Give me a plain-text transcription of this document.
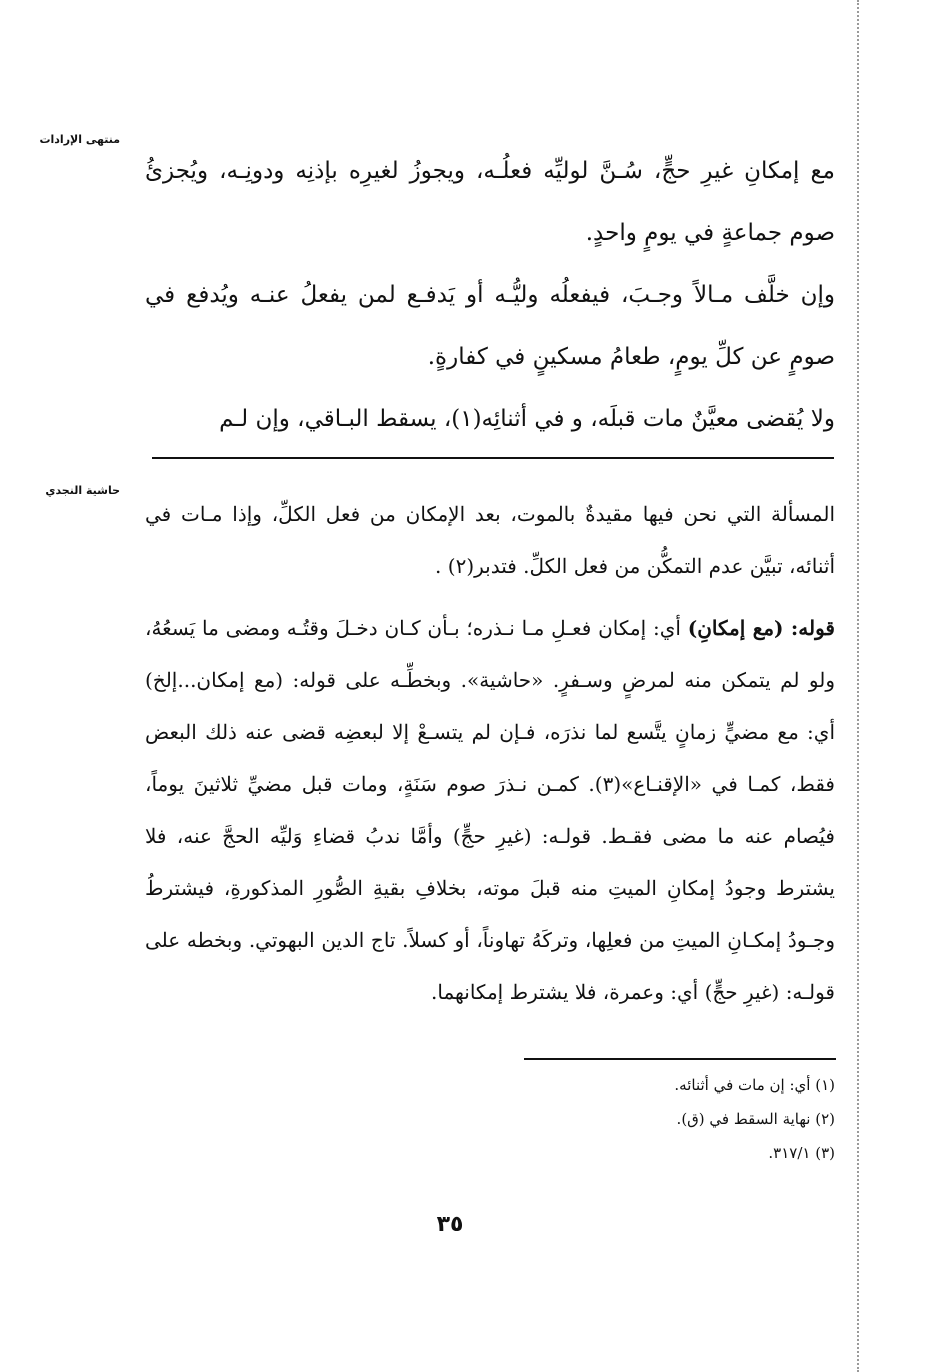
منتهى الإرادات

مع إمكانِ غيرِ حجٍّ، سُـنَّ لوليِّه فعلُـه، ويجوزُ لغيرِه بإذنِه ودونِـه، ويُجزئُ صوم جماعةٍ في يومٍ واحدٍ.

وإن خلَّف مـالاً وجـبَ، فيفعلُه وليُّـه أو يَدفـع لمن يفعلُ عنـه ويُدفع في صومٍ عن كلِّ يومٍ، طعامُ مسكينٍ في كفارةٍ.

ولا يُقضى معيَّنٌ مات قبلَه، و في أثنائِه(١)، يسقط البـاقي، وإن لـم

حاشية النجدي

المسألة التي نحن فيها مقيدةٌ بالموت، بعد الإمكان من فعل الكلِّ، وإذا مـات في أثنائه، تبيَّن عدم التمكُّن من فعل الكلِّ. فتدبر(٢) .

قوله: (مع إمكانِ) أي: إمكان فعـلِ مـا نـذره؛ بـأن كـان دخـلَ وقتُـه ومضى ما يَسعُهُ، ولو لم يتمكن منه لمرضٍ وسـفرٍ. «حاشية». وبخطِّـه على قوله: (مع إمكان...إلخ) أي: مع مضيٍّ زمانٍ يتَّسع لما نذرَه، فـإن لم يتسـعْ إلا لبعضِه قضى عنه ذلك البعض فقط، كمـا في «الإقنـاع»(٣). كمـن نـذرَ صوم سَنَةٍ، ومات قبل مضيِّ ثلاثينَ يوماً، فيُصام عنه ما مضى فقـط. قولـه: (غيرِ حجٍّ) وأمَّا ندبُ قضاءِ وَليِّه الحجَّ عنه، فلا يشترط وجودُ إمكانِ الميتِ منه قبلَ موته، بخلافِ بقيةِ الصُّورِ المذكورةِ، فيشترطُ وجـودُ إمكـانِ الميتِ من فعلِها، وتركَهُ تهاوناً، أو كسلاً. تاج الدين البهوتي. وبخطه على قولـه: (غيرِ حجٍّ) أي: وعمرة، فلا يشترط إمكانهما.

(١) أي: إن مات في أثنائه.
(٢) نهاية السقط في (ق).
(٣) ٣١٧/١.
٣٥
